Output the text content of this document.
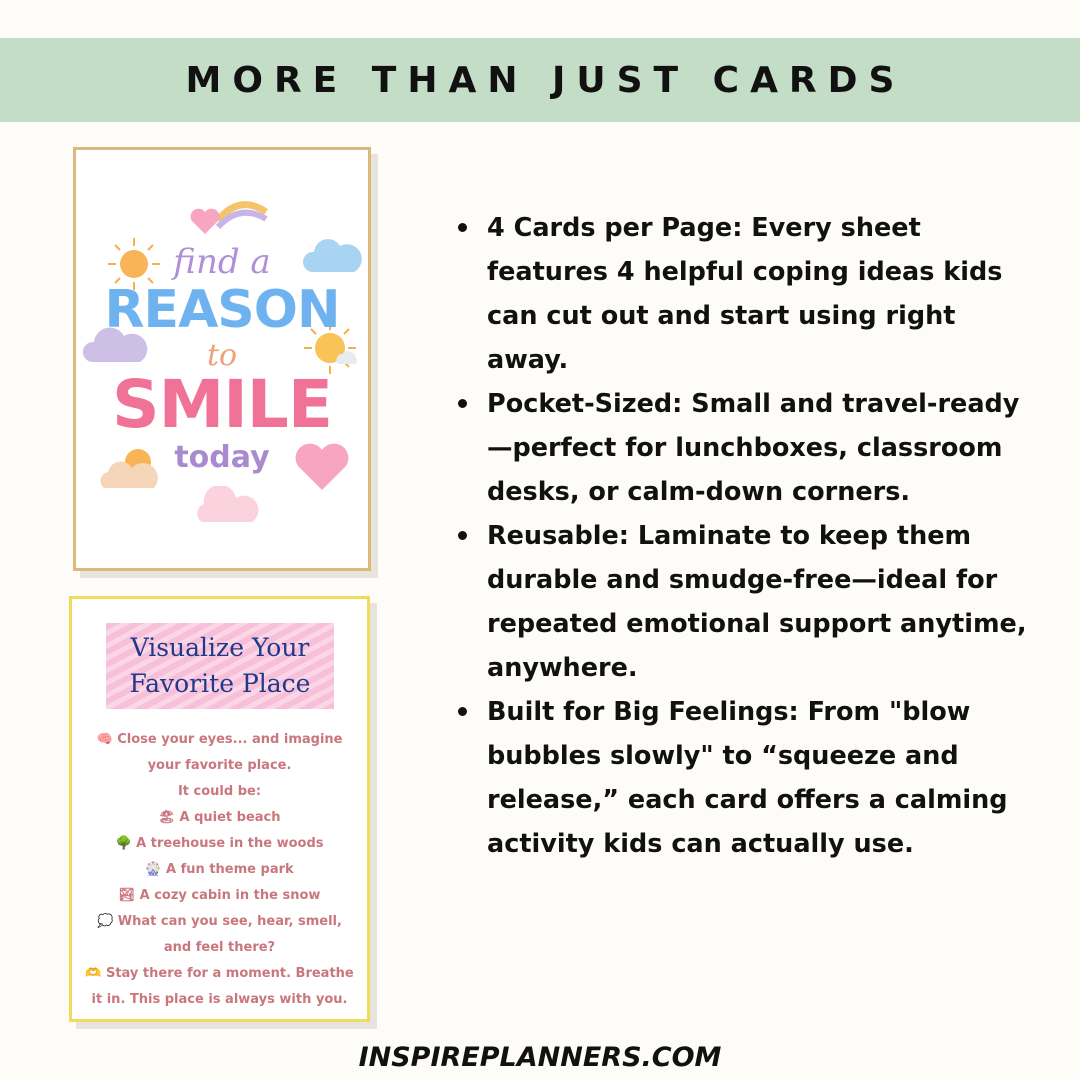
MORE THAN JUST CARDS

find a

REASON

to

SMILE

today

Visualize Your
Favorite Place
🧠 Close your eyes... and imagine
your favorite place.
It could be:
🏖 A quiet beach
🌳 A treehouse in the woods
🎡 A fun theme park
🏞 A cozy cabin in the snow
💭 What can you see, hear, smell,
and feel there?
🫶 Stay there for a moment. Breathe
it in. This place is always with you.
4 Cards per Page: Every sheet features 4 helpful coping ideas kids can cut out and start using right away.
Pocket-Sized: Small and travel-ready—perfect for lunchboxes, classroom desks, or calm-down corners.
Reusable: Laminate to keep them durable and smudge-free—ideal for repeated emotional support anytime, anywhere.
Built for Big Feelings: From "blow bubbles slowly" to “squeeze and release,” each card offers a calming activity kids can actually use.
INSPIREPLANNERS.COM
